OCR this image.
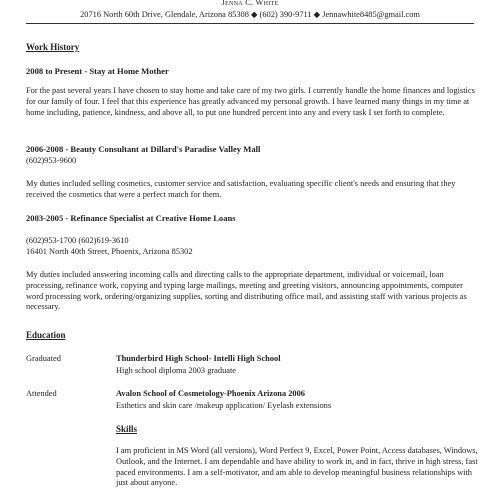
Jenna C. White
20716 North 60th Drive, Glendale, Arizona 85308 ◆ (602) 390-9711 ◆ Jennawhite8485@gmail.com
Work History
2008 to Present - Stay at Home Mother

For the past several years I have chosen to stay home and take care of my two girls. I currently handle the home finances and logistics for our family of four. I feel that this experience has greatly advanced my personal growth. I have learned many things in my time at home including, patience, kindness, and above all, to put one hundred percent into any and every task I set forth to complete.

2006-2008 - Beauty Consultant at Dillard's Paradise Valley Mall
(602)953-9600

My duties included selling cosmetics, customer service and satisfaction, evaluating specific client's needs and ensuring that they received the cosmetics that were a perfect match for them.

2003-2005 - Refinance Specialist at Creative Home Loans
(602)953-1700 (602)619-3610
16401 North 40th Street, Phoenix, Arizona 85302

My duties included answering incoming calls and directing calls to the appropriate department, individual or voicemail, loan processing, refinance work, copying and typing large mailings, meeting and greeting visitors, announcing appointments, computer word processing work, ordering/organizing supplies, sorting and distributing office mail, and assisting staff with various projects as necessary.

Education
Graduated	Thunderbird High School- Intelli High School
High school diploma 2003 graduate
Attended	Avalon School of Cosmetology-Phoenix Arizona 2006
Esthetics and skin care /makeup application/ Eyelash extensions
Skills

I am proficient in MS Word (all versions), Word Perfect 9, Excel, Power Point, Access databases, Windows, Outlook, and the Internet. I am dependable and have ability to work in, and in fact, thrive in high stress, fast paced environments. I am a self-motivator, and am able to develop meaningful business relationships with just about anyone.
